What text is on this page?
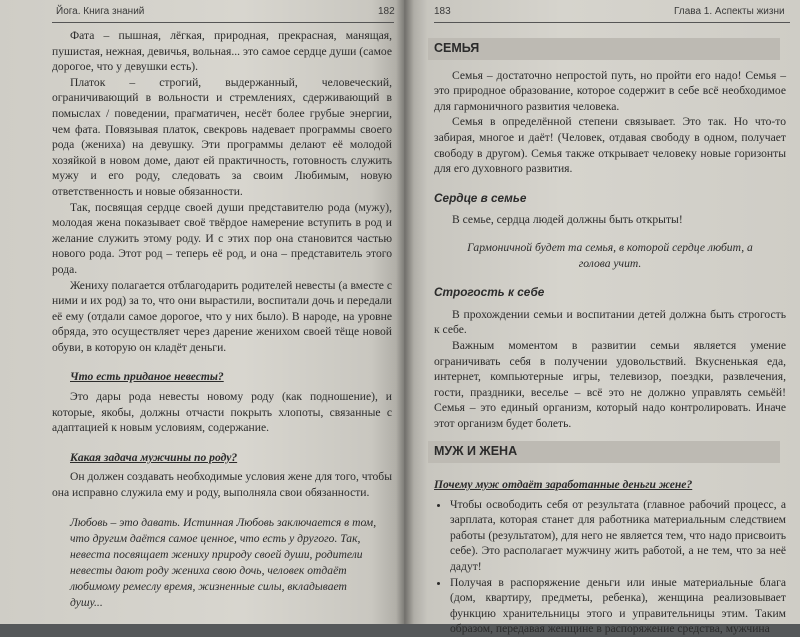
Йога. Книга знаний	182

Фата – пышная, лёгкая, природная, прекрасная, манящая, пушистая, нежная, девичья, вольная... это самое сердце души (самое дорогое, что у девушки есть).

Платок – строгий, выдержанный, человеческий, ограничивающий в вольности и стремлениях, сдерживающий в помыслах / поведении, прагматичен, несёт более грубые энергии, чем фата. Повязывая платок, свекровь надевает программы своего рода (жениха) на девушку. Эти программы делают её молодой хозяйкой в новом доме, дают ей практичность, готовность служить мужу и его роду, следовать за своим Любимым, новую ответственность и новые обязанности.

Так, посвящая сердце своей души представителю рода (мужу), молодая жена показывает своё твёрдое намерение вступить в род и желание служить этому роду. И с этих пор она становится частью нового рода. Этот род – теперь её род, и она – представитель этого рода.

Жениху полагается отблагодарить родителей невесты (а вместе с ними и их род) за то, что они вырастили, воспитали дочь и передали её ему (отдали самое дорогое, что у них было). В народе, на уровне обряда, это осуществляет через дарение женихом своей тёще новой обуви, в которую он кладёт деньги.

Что есть приданое невесты?

Это дары рода невесты новому роду (как подношение), и которые, якобы, должны отчасти покрыть хлопоты, связанные с адаптацией к новым условиям, содержание.

Какая задача мужчины по роду?

Он должен создавать необходимые условия жене для того, чтобы она исправно служила ему и роду, выполняла свои обязанности.

Любовь – это давать. Истинная Любовь заключается в том, что другим даётся самое ценное, что есть у другого. Так, невеста посвящает жениху природу своей души, родители невесты дают роду жениха свою дочь, человек отдаёт любимому ремеслу время, жизненные силы, вкладывает душу...

183	Глава 1. Аспекты жизни
СЕМЬЯ

Семья – достаточно непростой путь, но пройти его надо! Семья – это природное образование, которое содержит в себе всё необходимое для гармоничного развития человека.

Семья в определённой степени связывает. Это так. Но что-то забирая, многое и даёт! (Человек, отдавая свободу в одном, получает свободу в другом). Семья также открывает человеку новые горизонты для его духовного развития.

Сердце в семье

В семье, сердца людей должны быть открыты!

Гармоничной будет та семья, в которой сердце любит, а голова учит.

Строгость к себе

В прохождении семьи и воспитании детей должна быть строгость к себе.

Важным моментом в развитии семьи является умение ограничивать себя в получении удовольствий. Вкусненькая еда, интернет, компьютерные игры, телевизор, поездки, развлечения, гости, праздники, веселье – всё это не должно управлять семьёй! Семья – это единый организм, который надо контролировать. Иначе этот организм будет болеть.

МУЖ И ЖЕНА

Почему муж отдаёт заработанные деньги жене?

• Чтобы освободить себя от результата (главное рабочий процесс, а зарплата, которая станет для работника материальным следствием работы (результатом), для него не является тем, что надо присвоить себе). Это располагает мужчину жить работой, а не тем, что за неё дадут!
• Получая в распоряжение деньги или иные материальные блага (дом, квартиру, предметы, ребенка), женщина реализовывает функцию хранительницы этого и управительницы этим. Таким образом, передавая женщине в распоряжение средства, мужчина
